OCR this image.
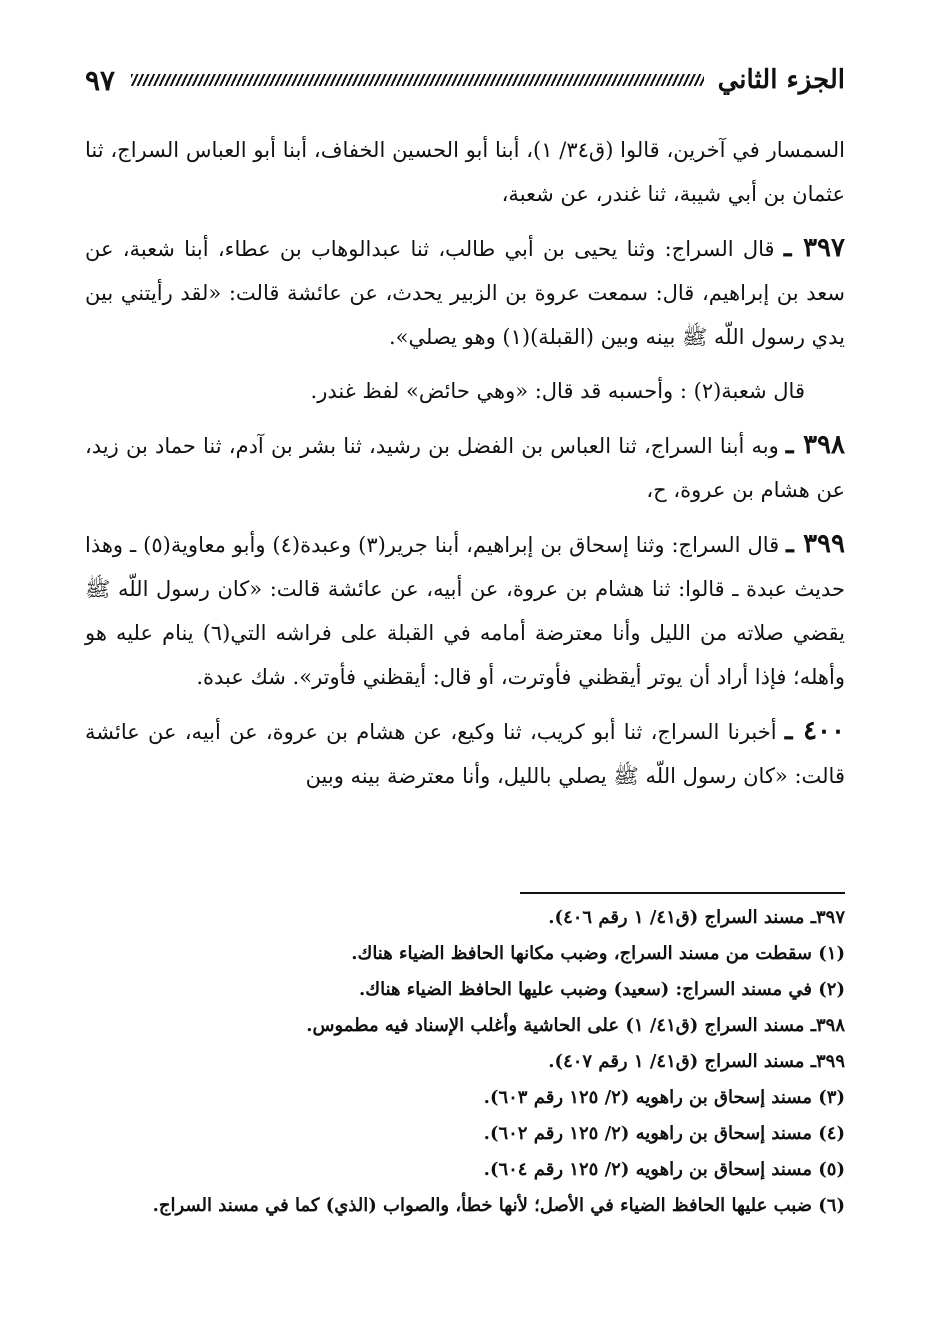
الجزء الثاني
٩٧

السمسار في آخرين، قالوا (ق٣٤/ ١)، أبنا أبو الحسين الخفاف، أبنا أبو العباس السراج، ثنا عثمان بن أبي شيبة، ثنا غندر، عن شعبة،

٣٩٧ ـ قال السراج: وثنا يحيى بن أبي طالب، ثنا عبدالوهاب بن عطاء، أبنا شعبة، عن سعد بن إبراهيم، قال: سمعت عروة بن الزبير يحدث، عن عائشة قالت: «لقد رأيتني بين يدي رسول اللّه ﷺ بينه وبين (القبلة)(١) وهو يصلي».

قال شعبة(٢) : وأحسبه قد قال: «وهي حائض» لفظ غندر.

٣٩٨ ـ وبه أبنا السراج، ثنا العباس بن الفضل بن رشيد، ثنا بشر بن آدم، ثنا حماد بن زيد، عن هشام بن عروة، ح،

٣٩٩ ـ قال السراج: وثنا إسحاق بن إبراهيم، أبنا جرير(٣) وعبدة(٤) وأبو معاوية(٥) ـ وهذا حديث عبدة ـ قالوا: ثنا هشام بن عروة، عن أبيه، عن عائشة قالت: «كان رسول اللّه ﷺ يقضي صلاته من الليل وأنا معترضة أمامه في القبلة على فراشه التي(٦) ينام عليه هو وأهله؛ فإذا أراد أن يوتر أيقظني فأوترت، أو قال: أيقظني فأوتر». شك عبدة.

٤٠٠ ـ أخبرنا السراج، ثنا أبو كريب، ثنا وكيع، عن هشام بن عروة، عن أبيه، عن عائشة قالت: «كان رسول اللّه ﷺ يصلي بالليل، وأنا معترضة بينه وبين

٣٩٧ـ مسند السراج (ق٤١/ ١ رقم ٤٠٦).
(١) سقطت من مسند السراج، وضبب مكانها الحافظ الضياء هناك.
(٢) في مسند السراج: (سعيد) وضبب عليها الحافظ الضياء هناك.
٣٩٨ـ مسند السراج (ق٤١/ ١) على الحاشية وأغلب الإسناد فيه مطموس.
٣٩٩ـ مسند السراج (ق٤١/ ١ رقم ٤٠٧).
(٣) مسند إسحاق بن راهويه (٢/ ١٢٥ رقم ٦٠٣).
(٤) مسند إسحاق بن راهويه (٢/ ١٢٥ رقم ٦٠٢).
(٥) مسند إسحاق بن راهويه (٢/ ١٢٥ رقم ٦٠٤).
(٦) ضبب عليها الحافظ الضياء في الأصل؛ لأنها خطأ، والصواب (الذي) كما في مسند السراج.
